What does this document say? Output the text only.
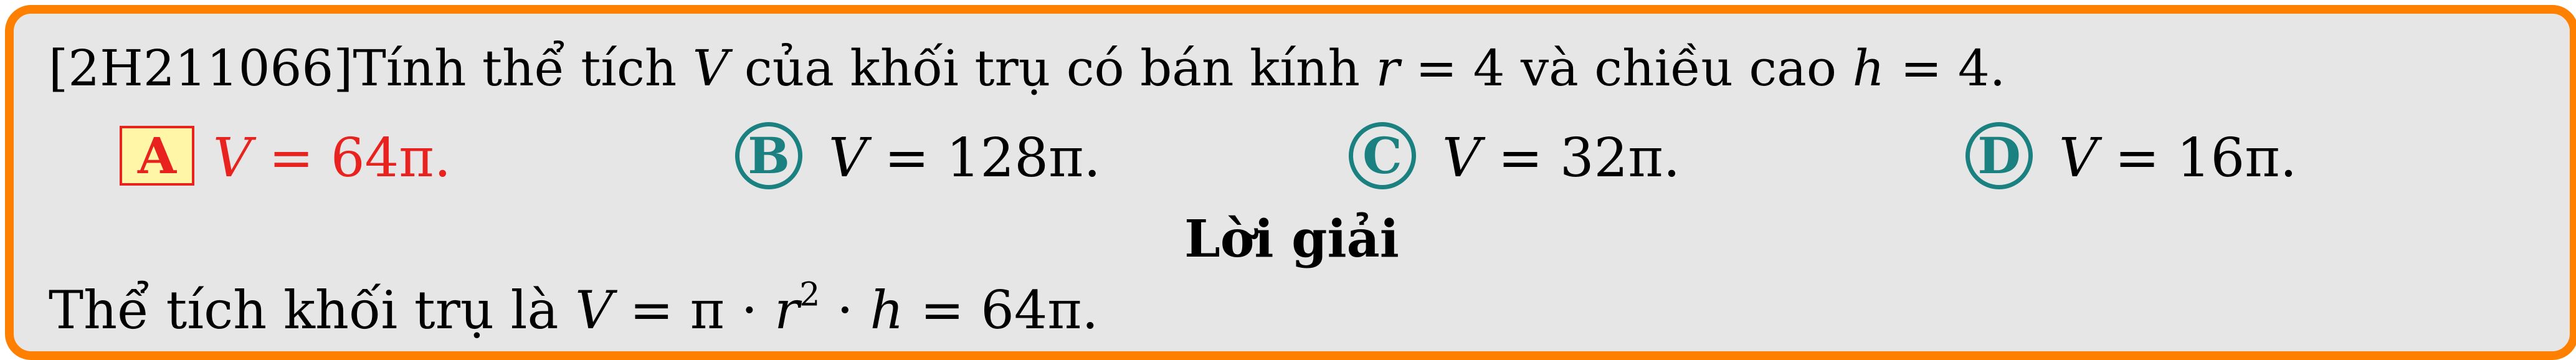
[2H211066]Tính thể tích V của khối trụ có bán kính r = 4 và chiều cao h = 4.
A V = 64π.	B V = 128π.	C V = 32π.	D V = 16π.
Lời giải
Thể tích khối trụ là $V = \pi \cdot r^2 \cdot h = 64\pi$.
